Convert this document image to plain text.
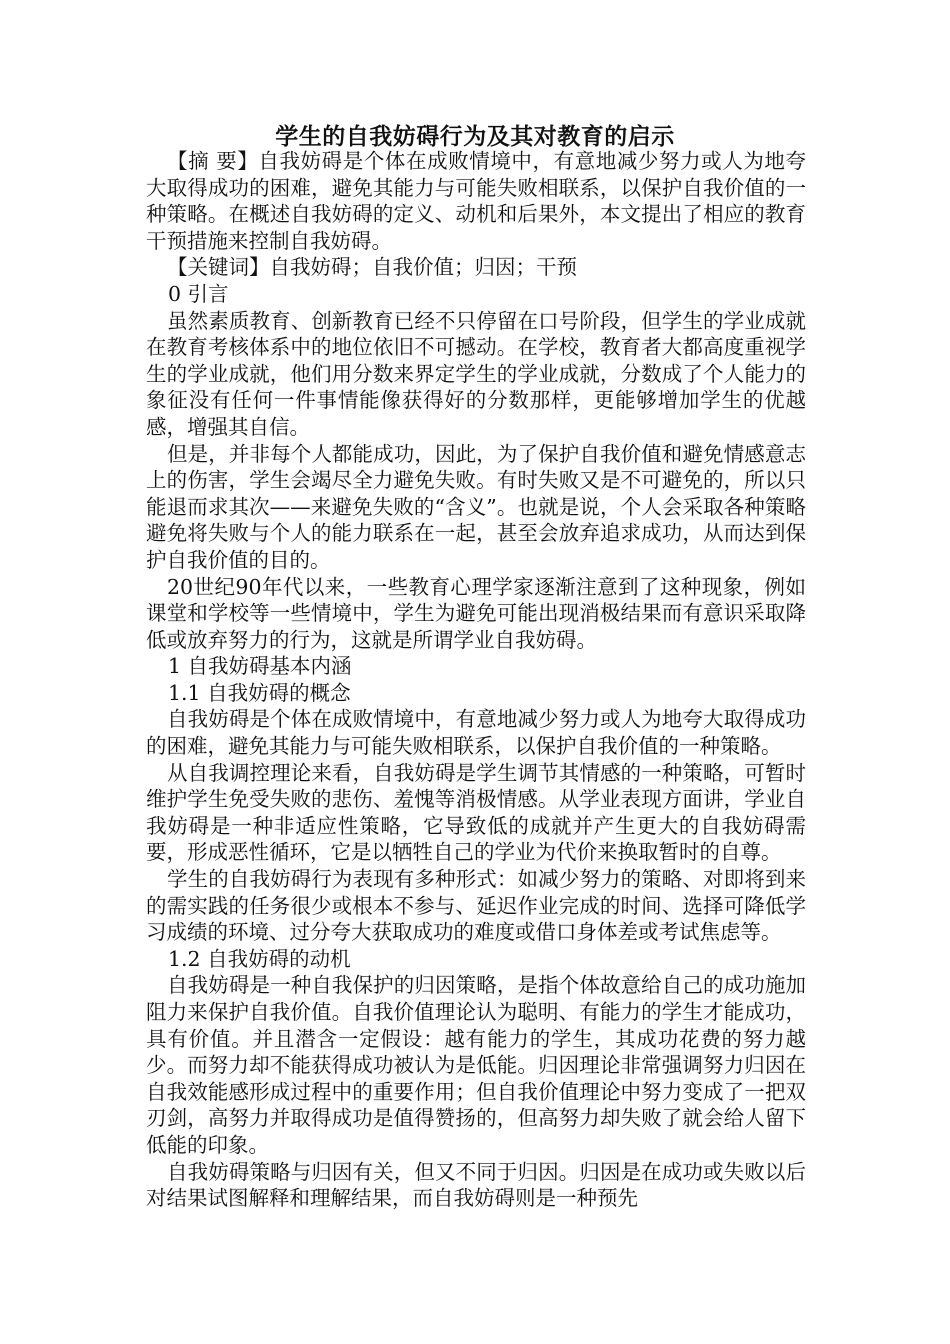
学生的自我妨碍行为及其对教育的启示

【摘 要】自我妨碍是个体在成败情境中，有意地减少努力或人为地夸大取得成功的困难，避免其能力与可能失败相联系，以保护自我价值的一种策略。在概述自我妨碍的定义、动机和后果外，本文提出了相应的教育干预措施来控制自我妨碍。

【关键词】自我妨碍；自我价值；归因；干预

0 引言

虽然素质教育、创新教育已经不只停留在口号阶段，但学生的学业成就在教育考核体系中的地位依旧不可撼动。在学校，教育者大都高度重视学生的学业成就，他们用分数来界定学生的学业成就，分数成了个人能力的象征没有任何一件事情能像获得好的分数那样，更能够增加学生的优越感，增强其自信。

但是，并非每个人都能成功，因此，为了保护自我价值和避免情感意志上的伤害，学生会竭尽全力避免失败。有时失败又是不可避免的，所以只能退而求其次——来避免失败的“含义”。也就是说，个人会采取各种策略避免将失败与个人的能力联系在一起，甚至会放弃追求成功，从而达到保护自我价值的目的。

20世纪90年代以来，一些教育心理学家逐渐注意到了这种现象，例如课堂和学校等一些情境中，学生为避免可能出现消极结果而有意识采取降低或放弃努力的行为，这就是所谓学业自我妨碍。

1 自我妨碍基本内涵

1.1 自我妨碍的概念

自我妨碍是个体在成败情境中，有意地减少努力或人为地夸大取得成功的困难，避免其能力与可能失败相联系，以保护自我价值的一种策略。

从自我调控理论来看，自我妨碍是学生调节其情感的一种策略，可暂时维护学生免受失败的悲伤、羞愧等消极情感。从学业表现方面讲，学业自我妨碍是一种非适应性策略，它导致低的成就并产生更大的自我妨碍需要，形成恶性循环，它是以牺牲自己的学业为代价来换取暂时的自尊。

学生的自我妨碍行为表现有多种形式：如减少努力的策略、对即将到来的需实践的任务很少或根本不参与、延迟作业完成的时间、选择可降低学习成绩的环境、过分夸大获取成功的难度或借口身体差或考试焦虑等。

1.2 自我妨碍的动机

自我妨碍是一种自我保护的归因策略，是指个体故意给自己的成功施加阻力来保护自我价值。自我价值理论认为聪明、有能力的学生才能成功，具有价值。并且潜含一定假设：越有能力的学生，其成功花费的努力越少。而努力却不能获得成功被认为是低能。归因理论非常强调努力归因在自我效能感形成过程中的重要作用；但自我价值理论中努力变成了一把双刃剑，高努力并取得成功是值得赞扬的，但高努力却失败了就会给人留下低能的印象。

自我妨碍策略与归因有关，但又不同于归因。归因是在成功或失败以后对结果试图解释和理解结果，而自我妨碍则是一种预先
